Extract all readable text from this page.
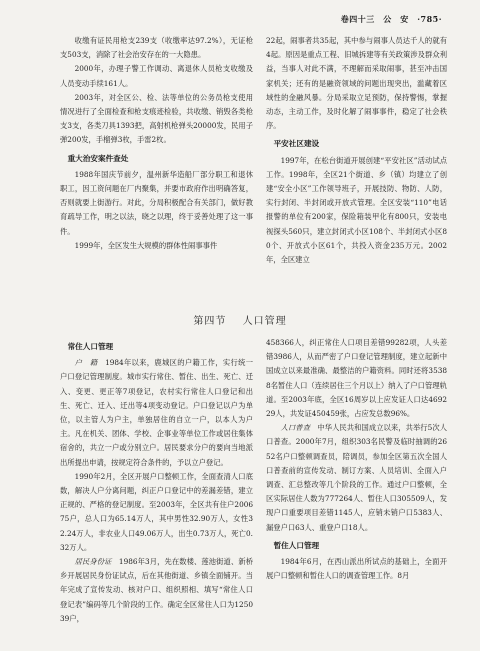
卷四十三　公　安　·785·

收缴有证民用枪支239支（收缴率达97.2%），无证枪支503支，消除了社会治安存在的一大隐患。

2000年，办理子警工作调动、离退休人员枪支收缴及人员变动手续161人。

2003年，对全区公、检、法等单位的公务员枪支使用情况进行了全面检查和枪支痕迹检验，共收缴、销毁各类枪支3支，各类刀具1393把，高射机枪弹头20000发，民用子弹200发，手榴弹3枚，手雷2枚。

重大治安案件查处

1988年国庆节前夕，温州新华造船厂部分职工和退休职工，因工资问题在厂内聚集，并要市政府作出明确答复，否则就要上街游行。对此，分局积极配合有关部门，做好教育疏导工作，明之以法，晓之以理，终于妥善处理了这一事件。

1999年，全区发生大规模的群体性闹事事件

22起，闹事者共35起，其中参与闹事人员达千人的就有4起。原因是重点工程、旧城拆建等有关政策涉及群众利益，当事人对此不满，不理解而采取闹事，甚至冲击国家机关；还有的是融资领域的问题出现突出，滥藏着区域性的金融风暴。分局采取立足预防，保持警惕，掌握动态，主动工作，及时化解了闹事事件，稳定了社会秩序。

平安社区建设

1997年，在松台街道开展创建“平安社区”活动试点工作。1998年，全区21个街道、乡（镇）均建立了创建“安全小区”工作领导班子，开展技防、物防、人防，实行封闭、半封闭或开放式管理。全区安装“110”电话报警的单位有200家，保险箱装甲化有800只，安装电视探头560只，建立封闭式小区108个、半封闭式小区80个、开放式小区61个，共投入资金235万元。2002年，全区建立

第四节 人口管理
常住人口管理

户　籍　 1984年以来，鹿城区的户籍工作，实行统一户口登记管理制度。城市实行常住、暂住、出生、死亡、迁入、变更、更正等7项登记，农村实行常住人口登记和出生、死亡、迁入、迁出等4项变动登记。户口登记以户为单位，以主管人为户主，单独居住的自立一户，以本人为户主。凡在机关、团体、学校、企事业等单位工作或居住集体宿舍的，共立一户或分别立户。居民要求分户的要向当地派出所提出申请，按规定符合条件的，予以立户登记。

1990年2月，全区开展户口整顿工作，全面查清人口底数，解决人户分离问题，纠正户口登记中的差漏差错，建立正规的、严格的登记制度。至2003年，全区共有住户200675户，总人口为65.14万人，其中男性32.90万人，女性32.24万人，非农业人口49.06万人，出生0.73万人，死亡0.32万人。

居民身份证　 1986年3月，先在数楼、莲池街道、新桥乡开展居民身份证试点，后在其他街道、乡镇全面铺开。当年完成了宣传发动、核对户口、组织照相、填写“常住人口登记表”编码等几个阶段的工作。确定全区常住人口为125039户，

458366人，纠正常住人口项目差错99282项，人头差错3986人，从而严密了户口登记管理制度，建立起新中国成立以来最准确、最整洁的户籍资料。同时还将35388名暂住人口（连续居住三个月以上）纳入了户口管理轨道。至2003年底，全区16周岁以上应发证人口达469229人，共发证450459张，占应发总数96%。

人口普查　 中华人民共和国成立以来，共举行5次人口普查。2000年7月，组织303名民警及临时抽调的2652名户口整顿调查员，陪调员，参加全区第五次全国人口普查前的宣传发动、制订方案、人员培训、全面入户调查、汇总整改等几个阶段的工作。通过户口整顿，全区实际居住人数为777264人、暂住人口305509人，发现户口重要项目差错1145人，应销未销户口5383人、漏登户口63人、重登户口18人。

暂住人口管理

1984年6月，在西山派出所试点的基础上，全面开展户口整顿和暂住人口的调查管理工作。8月
